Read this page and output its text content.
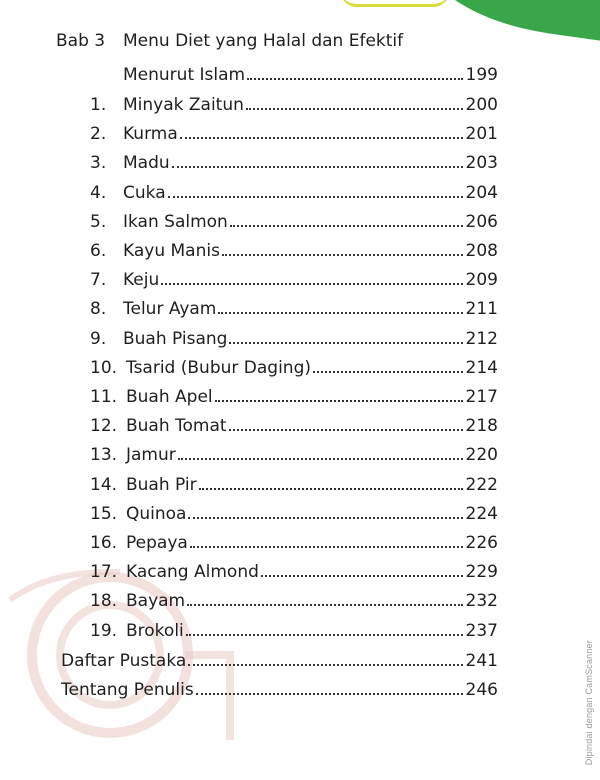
Bab 3 Menu Diet yang Halal dan Efektif
Menurut Islam	199
1. Minyak Zaitun	200
2. Kurma	201
3. Madu	203
4. Cuka	204
5. Ikan Salmon	206
6. Kayu Manis	208
7. Keju	209
8. Telur Ayam	211
9. Buah Pisang	212
10. Tsarid (Bubur Daging)	214
11. Buah Apel	217
12. Buah Tomat	218
13. Jamur	220
14. Buah Pir	222
15. Quinoa	224
16. Pepaya	226
17. Kacang Almond	229
18. Bayam	232
19. Brokoli	237
Daftar Pustaka	241
Tentang Penulis	246	Dipindai dengan CamScanner
